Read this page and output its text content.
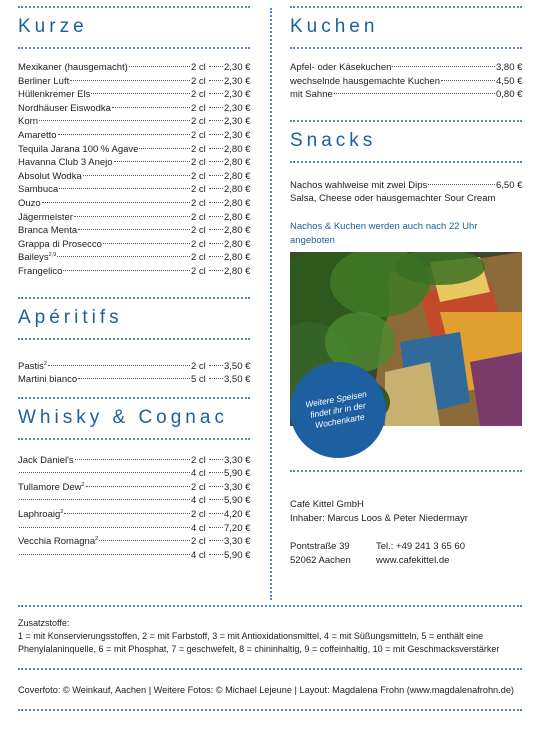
Kurze
Mexikaner (hausgemacht)	2 cl 2,30 €
Berliner Luft	2 cl 2,30 €
Hüllenkremer Els	2 cl 2,30 €
Nordhäuser Eiswodka	2 cl 2,30 €
Korn	2 cl 2,30 €
Amaretto	2 cl 2,30 €
Tequila Jarana 100 % Agave	2 cl 2,80 €
Havanna Club 3 Anejo	2 cl 2,80 €
Absolut Wodka	2 cl 2,80 €
Sambuca	2 cl 2,80 €
Ouzo	2 cl 2,80 €
Jägermeister	2 cl 2,80 €
Branca Menta	2 cl 2,80 €
Grappa di Prosecco	2 cl 2,80 €
Baileys$^{2,9}$	2 cl 2,80 €
Frangelico	2 cl 2,80 €
Apéritifs
Pastis$^2$	2 cl 3,50 €
Martini bianco	5 cl 3,50 €
Whisky & Cognac
Jack Daniel's	2 cl 3,30 €
4 cl 5,90 €
Tullamore Dew$^2$	2 cl 3,30 €
4 cl 5,90 €
Laphroaig$^2$	2 cl 4,20 €
4 cl 7,20 €
Vecchia Romagna$^2$	2 cl 3,30 €
4 cl 5,90 €
Kuchen
Apfel- oder Käsekuchen	3,80 €
wechselnde hausgemachte Kuchen	4,50 €
mit Sahne	0,80 €
Snacks
Nachos wahlweise mit zwei Dips	6,50 €
Salsa, Cheese oder hausgemachter Sour Cream
Nachos & Kuchen werden auch nach 22 Uhr angeboten
Weitere Speisen findet ihr in der Wochenkarte
Café Kittel GmbH
Inhaber: Marcus Loos & Peter Niedermayr
Pontstraße 39
52062 Aachen
Tel.: +49 241 3 65 60
www.cafekittel.de
Zusatzstoffe:
1 = mit Konservierungsstoffen, 2 = mit Farbstoff, 3 = mit Antioxidationsmittel, 4 = mit Süßungsmitteln, 5 = enthält eine
Phenylalaninquelle, 6 = mit Phosphat, 7 = geschwefelt, 8 = chininhaltig, 9 = coffeinhaltig, 10 = mit Geschmacksverstärker
Coverfoto: © Weinkauf, Aachen | Weitere Fotos: © Michael Lejeune | Layout: Magdalena Frohn (www.magdalenafrohn.de)
